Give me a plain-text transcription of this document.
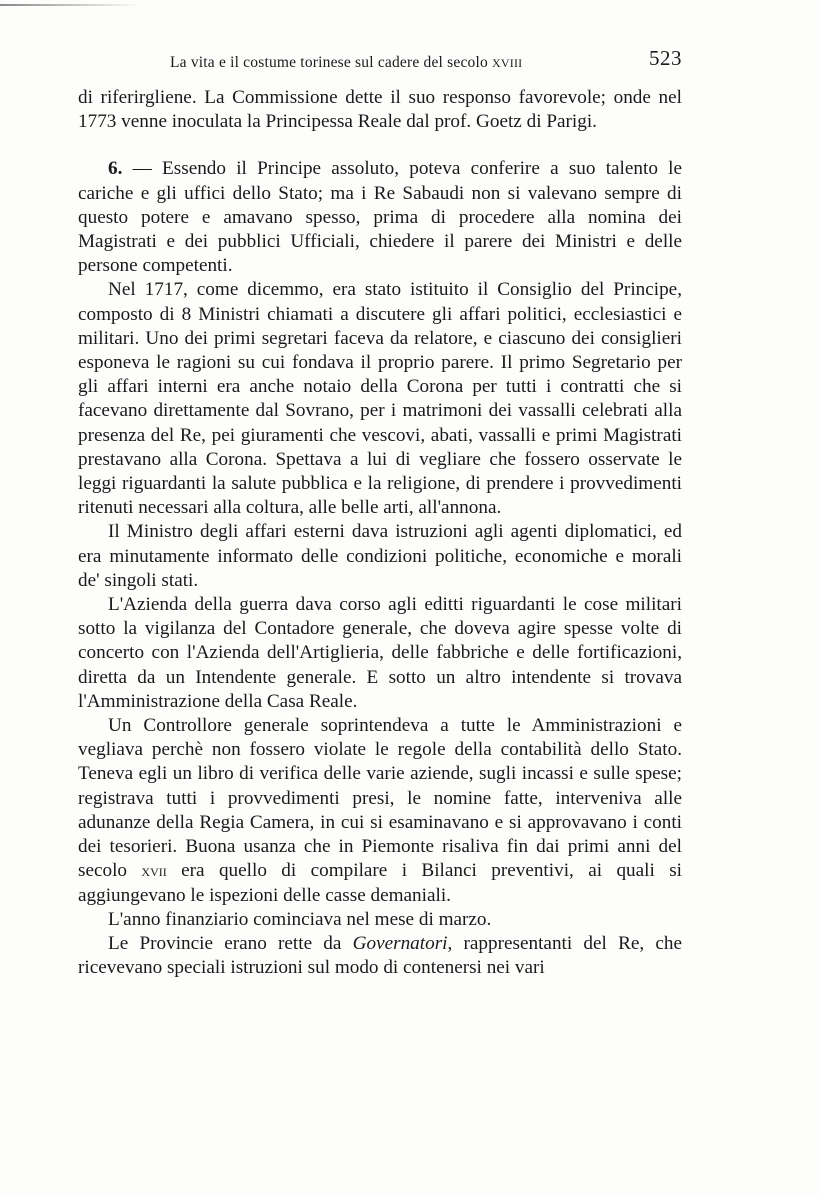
La vita e il costume torinese sul cadere del secolo xviii	523

di riferirgliene. La Commissione dette il suo responso favorevole; onde nel 1773 venne inoculata la Principessa Reale dal prof. Goetz di Parigi.

6. — Essendo il Principe assoluto, poteva conferire a suo talento le cariche e gli uffici dello Stato; ma i Re Sabaudi non si valevano sempre di questo potere e amavano spesso, prima di procedere alla nomina dei Magistrati e dei pubblici Ufficiali, chiedere il parere dei Ministri e delle persone competenti.

Nel 1717, come dicemmo, era stato istituito il Consiglio del Principe, composto di 8 Ministri chiamati a discutere gli affari politici, ecclesiastici e militari. Uno dei primi segretari faceva da relatore, e ciascuno dei consiglieri esponeva le ragioni su cui fondava il proprio parere. Il primo Segretario per gli affari interni era anche notaio della Corona per tutti i contratti che si facevano direttamente dal Sovrano, per i matrimoni dei vassalli celebrati alla presenza del Re, pei giuramenti che vescovi, abati, vassalli e primi Magistrati prestavano alla Corona. Spettava a lui di vegliare che fossero osservate le leggi riguardanti la salute pubblica e la religione, di prendere i provvedimenti ritenuti necessari alla coltura, alle belle arti, all'annona.

Il Ministro degli affari esterni dava istruzioni agli agenti diplomatici, ed era minutamente informato delle condizioni politiche, economiche e morali de' singoli stati.

L'Azienda della guerra dava corso agli editti riguardanti le cose militari sotto la vigilanza del Contadore generale, che doveva agire spesse volte di concerto con l'Azienda dell'Artiglieria, delle fabbriche e delle fortificazioni, diretta da un Intendente generale. E sotto un altro intendente si trovava l'Amministrazione della Casa Reale.

Un Controllore generale soprintendeva a tutte le Amministrazioni e vegliava perchè non fossero violate le regole della contabilità dello Stato. Teneva egli un libro di verifica delle varie aziende, sugli incassi e sulle spese; registrava tutti i provvedimenti presi, le nomine fatte, interveniva alle adunanze della Regia Camera, in cui si esaminavano e si approvavano i conti dei tesorieri. Buona usanza che in Piemonte risaliva fin dai primi anni del secolo xvii era quello di compilare i Bilanci preventivi, ai quali si aggiungevano le ispezioni delle casse demaniali.

L'anno finanziario cominciava nel mese di marzo.

Le Provincie erano rette da Governatori, rappresentanti del Re, che ricevevano speciali istruzioni sul modo di contenersi nei vari
